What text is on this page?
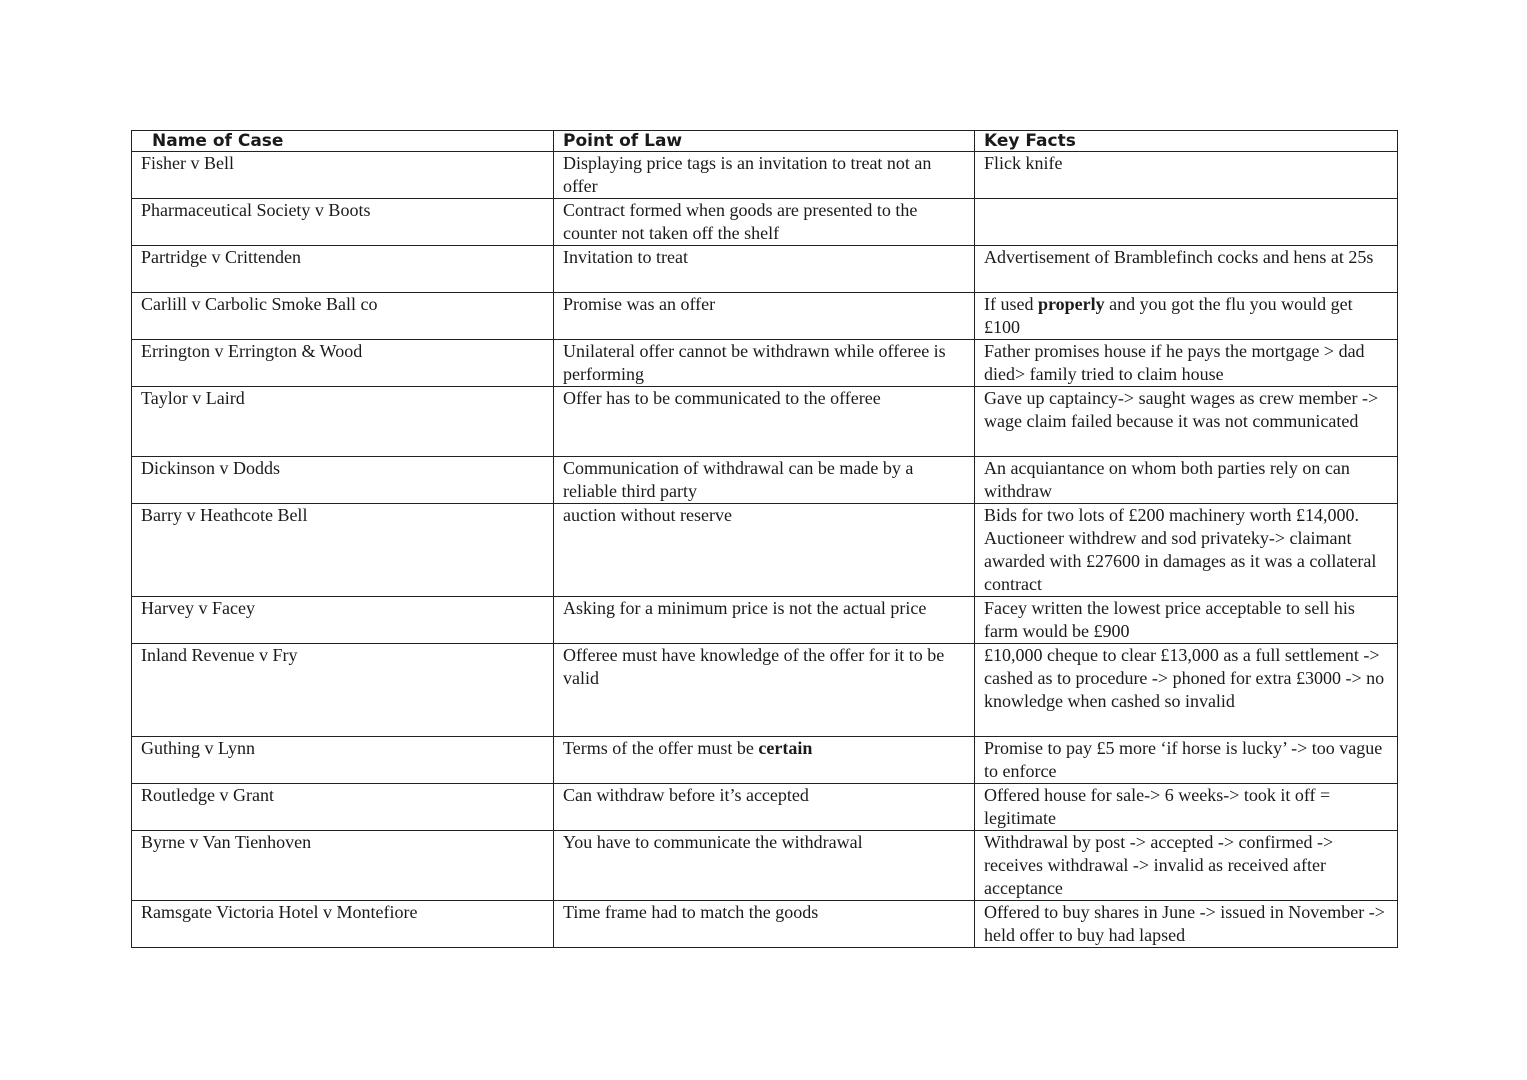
Name of Case	Point of Law	Key Facts
Fisher v Bell	Displaying price tags is an invitation to treat not an offer	Flick knife
Pharmaceutical Society v Boots	Contract formed when goods are presented to the counter not taken off the shelf	
Partridge v Crittenden	Invitation to treat	Advertisement of Bramblefinch cocks and hens at 25s
Carlill v Carbolic Smoke Ball co	Promise was an offer	If used properly and you got the flu you would get £100
Errington v Errington & Wood	Unilateral offer cannot be withdrawn while offeree is performing	Father promises house if he pays the mortgage > dad died> family tried to claim house
Taylor v Laird	Offer has to be communicated to the offeree	Gave up captaincy-> saught wages as crew member -> wage claim failed because it was not communicated
Dickinson v Dodds	Communication of withdrawal can be made by a reliable third party	An acquiantance on whom both parties rely on can withdraw
Barry v Heathcote Bell	auction without reserve	Bids for two lots of £200 machinery worth £14,000. Auctioneer withdrew and sod privateky-> claimant awarded with £27600 in damages as it was a collateral contract
Harvey v Facey	Asking for a minimum price is not the actual price	Facey written the lowest price acceptable to sell his farm would be £900
Inland Revenue v Fry	Offeree must have knowledge of the offer for it to be valid	£10,000 cheque to clear £13,000 as a full settlement -> cashed as to procedure -> phoned for extra £3000 -> no knowledge when cashed so invalid
Guthing v Lynn	Terms of the offer must be certain	Promise to pay £5 more ‘if horse is lucky’ -> too vague to enforce
Routledge v Grant	Can withdraw before it’s accepted	Offered house for sale-> 6 weeks-> took it off = legitimate
Byrne v Van Tienhoven	You have to communicate the withdrawal	Withdrawal by post -> accepted -> confirmed -> receives withdrawal -> invalid as received after acceptance
Ramsgate Victoria Hotel v Montefiore	Time frame had to match the goods	Offered to buy shares in June -> issued in November -> held offer to buy had lapsed
